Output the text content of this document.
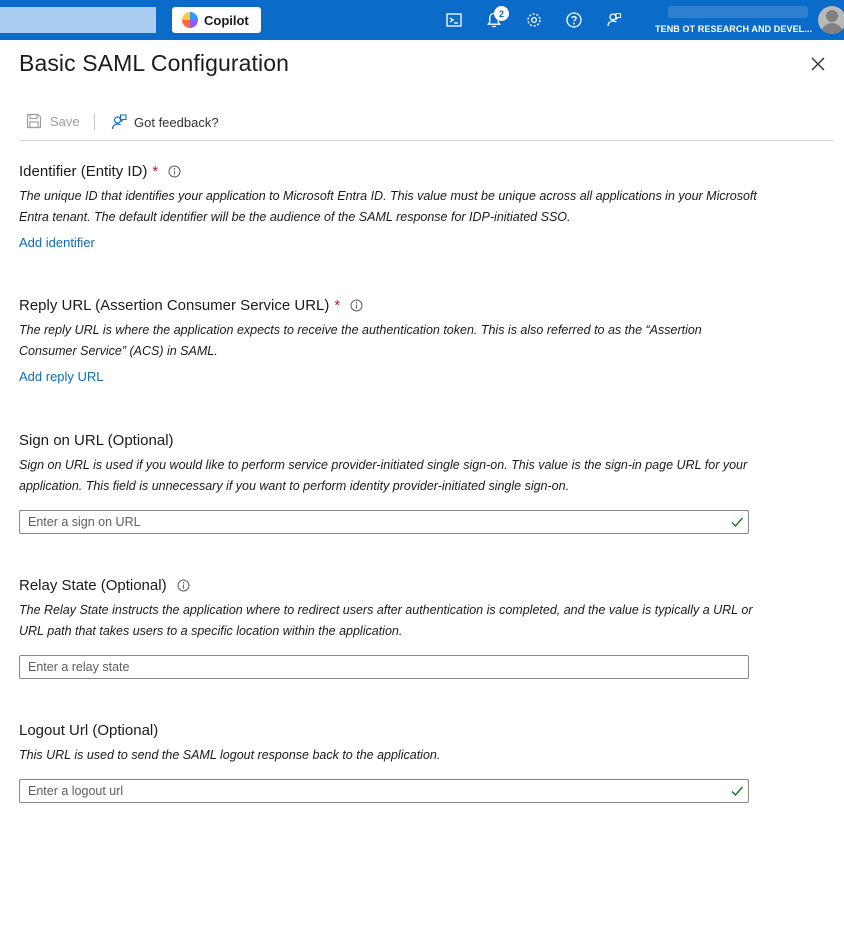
Copilot	2
TENB OT RESEARCH AND DEVEL...
Basic SAML Configuration
Save	Got feedback?
Identifier (Entity ID) *

The unique ID that identifies your application to Microsoft Entra ID. This value must be unique across all applications in your Microsoft Entra tenant. The default identifier will be the audience of the SAML response for IDP-initiated SSO.

Add identifier
Reply URL (Assertion Consumer Service URL) *

The reply URL is where the application expects to receive the authentication token. This is also referred to as the “Assertion Consumer Service” (ACS) in SAML.

Add reply URL
Sign on URL (Optional)

Sign on URL is used if you would like to perform service provider-initiated single sign-on. This value is the sign-in page URL for your application. This field is unnecessary if you want to perform identity provider-initiated single sign-on.

Enter a sign on URL
Relay State (Optional)

The Relay State instructs the application where to redirect users after authentication is completed, and the value is typically a URL or URL path that takes users to a specific location within the application.

Enter a relay state
Logout Url (Optional)

This URL is used to send the SAML logout response back to the application.

Enter a logout url
